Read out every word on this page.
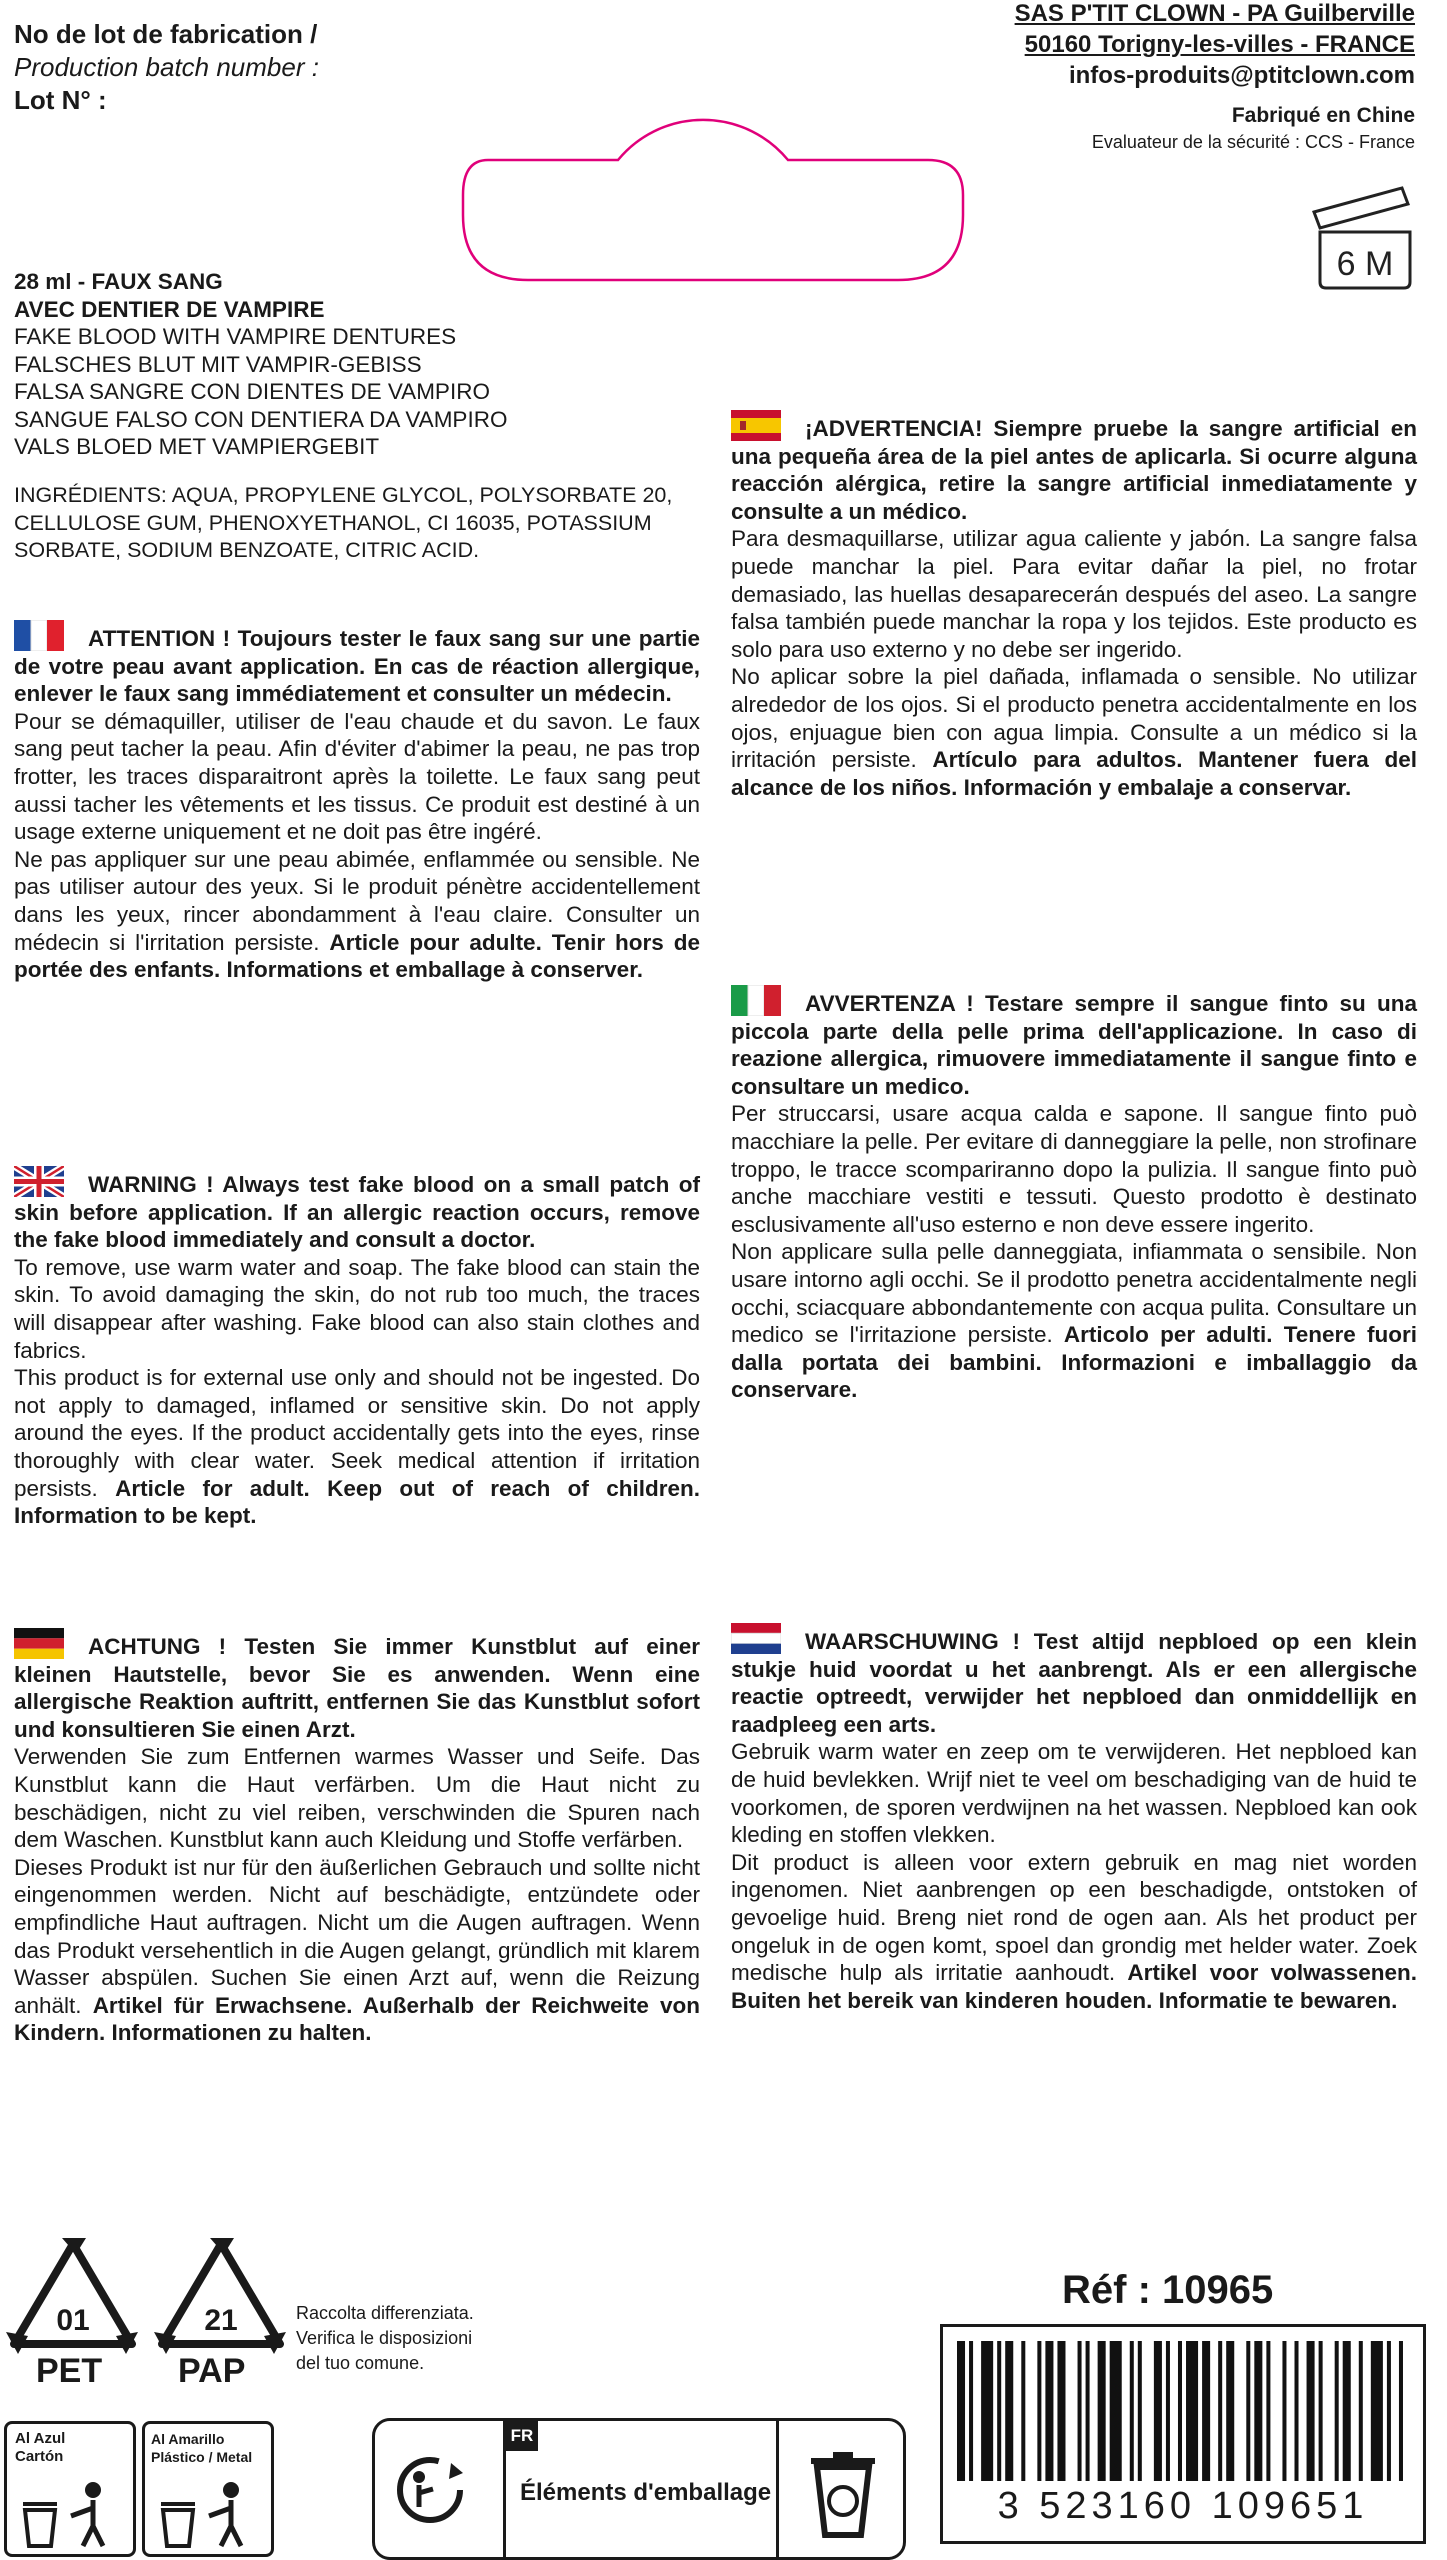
No de lot de fabrication /
Production batch number :
Lot N° :
SAS P'TIT CLOWN - PA Guilberville
50160 Torigny-les-villes - FRANCE
infos-produits@ptitclown.com
Fabriqué en Chine
Evaluateur de la sécurité : CCS - France
6 M
28 ml - FAUX SANG
AVEC DENTIER DE VAMPIRE
FAKE BLOOD WITH VAMPIRE DENTURES
FALSCHES BLUT MIT VAMPIR-GEBISS
FALSA SANGRE CON DIENTES DE VAMPIRO
SANGUE FALSO CON DENTIERA DA VAMPIRO
VALS BLOED MET VAMPIERGEBIT
INGRÉDIENTS: AQUA, PROPYLENE GLYCOL, POLYSORBATE 20, CELLULOSE GUM, PHENOXYETHANOL, CI 16035, POTASSIUM SORBATE, SODIUM BENZOATE, CITRIC ACID.

ATTENTION ! Toujours tester le faux sang sur une partie de votre peau avant application. En cas de réaction allergique, enlever le faux sang immédiatement et consulter un médecin.

Pour se démaquiller, utiliser de l'eau chaude et du savon. Le faux sang peut tacher la peau. Afin d'éviter d'abimer la peau, ne pas trop frotter, les traces disparaitront après la toilette. Le faux sang peut aussi tacher les vêtements et les tissus. Ce produit est destiné à un usage externe uniquement et ne doit pas être ingéré.

Ne pas appliquer sur une peau abimée, enflammée ou sensible. Ne pas utiliser autour des yeux. Si le produit pénètre accidentellement dans les yeux, rincer abondamment à l'eau claire. Consulter un médecin si l'irritation persiste. Article pour adulte. Tenir hors de portée des enfants. Informations et emballage à conserver.

WARNING ! Always test fake blood on a small patch of skin before application. If an allergic reaction occurs, remove the fake blood immediately and consult a doctor.

To remove, use warm water and soap. The fake blood can stain the skin. To avoid damaging the skin, do not rub too much, the traces will disappear after washing. Fake blood can also stain clothes and fabrics.

This product is for external use only and should not be ingested. Do not apply to damaged, inflamed or sensitive skin. Do not apply around the eyes. If the product accidentally gets into the eyes, rinse thoroughly with clear water. Seek medical attention if irritation persists. Article for adult. Keep out of reach of children. Information to be kept.

ACHTUNG ! Testen Sie immer Kunstblut auf einer kleinen Hautstelle, bevor Sie es anwenden. Wenn eine allergische Reaktion auftritt, entfernen Sie das Kunstblut sofort und konsultieren Sie einen Arzt.

Verwenden Sie zum Entfernen warmes Wasser und Seife. Das Kunstblut kann die Haut verfärben. Um die Haut nicht zu beschädigen, nicht zu viel reiben, verschwinden die Spuren nach dem Waschen. Kunstblut kann auch Kleidung und Stoffe verfärben.

Dieses Produkt ist nur für den äußerlichen Gebrauch und sollte nicht eingenommen werden. Nicht auf beschädigte, entzündete oder empfindliche Haut auftragen. Nicht um die Augen auftragen. Wenn das Produkt versehentlich in die Augen gelangt, gründlich mit klarem Wasser abspülen. Suchen Sie einen Arzt auf, wenn die Reizung anhält. Artikel für Erwachsene. Außerhalb der Reichweite von Kindern. Informationen zu halten.

¡ADVERTENCIA! Siempre pruebe la sangre artificial en una pequeña área de la piel antes de aplicarla. Si ocurre alguna reacción alérgica, retire la sangre artificial inmediatamente y consulte a un médico.

Para desmaquillarse, utilizar agua caliente y jabón. La sangre falsa puede manchar la piel. Para evitar dañar la piel, no frotar demasiado, las huellas desaparecerán después del aseo. La sangre falsa también puede manchar la ropa y los tejidos. Este producto es solo para uso externo y no debe ser ingerido.

No aplicar sobre la piel dañada, inflamada o sensible. No utilizar alrededor de los ojos. Si el producto penetra accidentalmente en los ojos, enjuague bien con agua limpia. Consulte a un médico si la irritación persiste. Artículo para adultos. Mantener fuera del alcance de los niños. Información y embalaje a conservar.

AVVERTENZA ! Testare sempre il sangue finto su una piccola parte della pelle prima dell'applicazione. In caso di reazione allergica, rimuovere immediatamente il sangue finto e consultare un medico.

Per struccarsi, usare acqua calda e sapone. Il sangue finto può macchiare la pelle. Per evitare di danneggiare la pelle, non strofinare troppo, le tracce scompariranno dopo la pulizia. Il sangue finto può anche macchiare vestiti e tessuti. Questo prodotto è destinato esclusivamente all'uso esterno e non deve essere ingerito.

Non applicare sulla pelle danneggiata, infiammata o sensibile. Non usare intorno agli occhi. Se il prodotto penetra accidentalmente negli occhi, sciacquare abbondantemente con acqua pulita. Consultare un medico se l'irritazione persiste. Articolo per adulti. Tenere fuori dalla portata dei bambini. Informazioni e imballaggio da conservare.

WAARSCHUWING ! Test altijd nepbloed op een klein stukje huid voordat u het aanbrengt. Als er een allergische reactie optreedt, verwijder het nepbloed dan onmiddellijk en raadpleeg een arts.

Gebruik warm water en zeep om te verwijderen. Het nepbloed kan de huid bevlekken. Wrijf niet te veel om beschadiging van de huid te voorkomen, de sporen verdwijnen na het wassen. Nepbloed kan ook kleding en stoffen vlekken.

Dit product is alleen voor extern gebruik en mag niet worden ingenomen. Niet aanbrengen op een beschadigde, ontstoken of gevoelige huid. Breng niet rond de ogen aan. Als het product per ongeluk in de ogen komt, spoel dan grondig met helder water. Zoek medische hulp als irritatie aanhoudt. Artikel voor volwassenen. Buiten het bereik van kinderen houden. Informatie te bewaren.

01
PET
21
PAP
Raccolta differenziata.
Verifica le disposizioni
del tuo comune.
Al Azul
Cartón
Al Amarillo
Plástico / Metal
FR
Éléments d'emballage
Réf : 10965
3 523160 109651
